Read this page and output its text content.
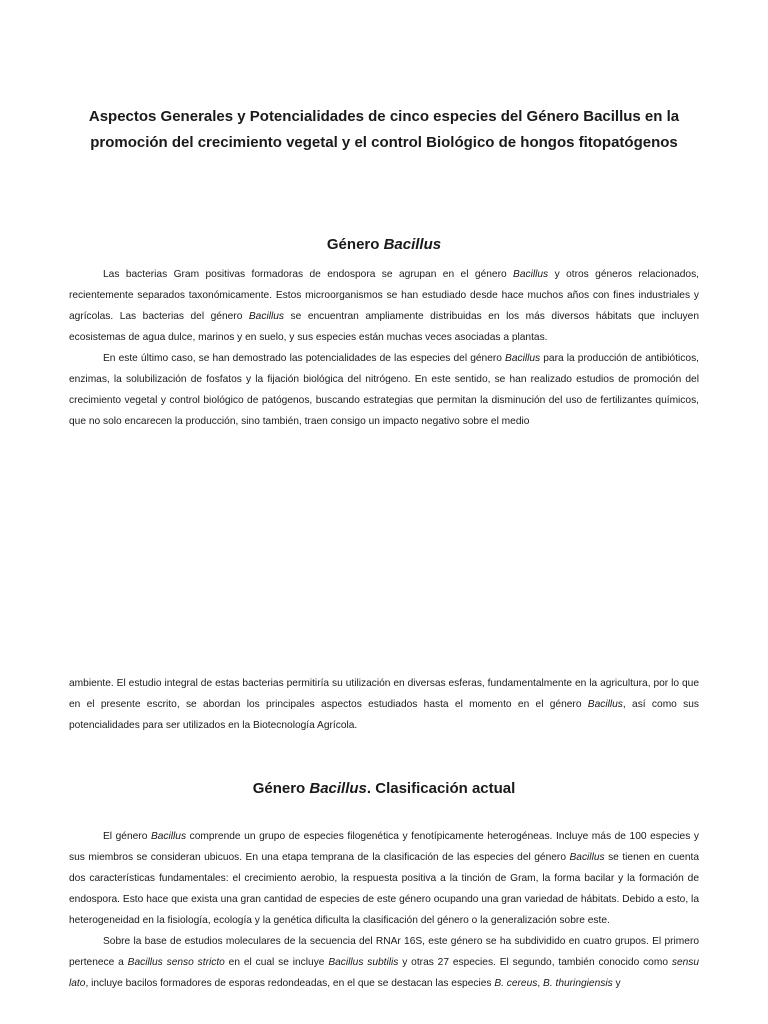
Aspectos Generales y Potencialidades de cinco especies del Género Bacillus en la
promoción del crecimiento vegetal y el control Biológico de hongos fitopatógenos
Género Bacillus

Las bacterias Gram positivas formadoras de endospora se agrupan en el género Bacillus y otros géneros relacionados, recientemente separados taxonómicamente. Estos microorganismos se han estudiado desde hace muchos años con fines industriales y agrícolas. Las bacterias del género Bacillus se encuentran ampliamente distribuidas en los más diversos hábitats que incluyen ecosistemas de agua dulce, marinos y en suelo, y sus especies están muchas veces asociadas a plantas.

En este último caso, se han demostrado las potencialidades de las especies del género Bacillus para la producción de antibióticos, enzimas, la solubilización de fosfatos y la fijación biológica del nitrógeno. En este sentido, se han realizado estudios de promoción del crecimiento vegetal y control biológico de patógenos, buscando estrategias que permitan la disminución del uso de fertilizantes químicos, que no solo encarecen la producción, sino también, traen consigo un impacto negativo sobre el medio

ambiente. El estudio integral de estas bacterias permitiría su utilización en diversas esferas, fundamentalmente en la agricultura, por lo que en el presente escrito, se abordan los principales aspectos estudiados hasta el momento en el género Bacillus, así como sus potencialidades para ser utilizados en la Biotecnología Agrícola.

Género Bacillus. Clasificación actual

El género Bacillus comprende un grupo de especies filogenética y fenotípicamente heterogéneas. Incluye más de 100 especies y sus miembros se consideran ubicuos. En una etapa temprana de la clasificación de las especies del género Bacillus se tienen en cuenta dos características fundamentales: el crecimiento aerobio, la respuesta positiva a la tinción de Gram, la forma bacilar y la formación de endospora. Esto hace que exista una gran cantidad de especies de este género ocupando una gran variedad de hábitats. Debido a esto, la heterogeneidad en la fisiología, ecología y la genética dificulta la clasificación del género o la generalización sobre este.

Sobre la base de estudios moleculares de la secuencia del RNAr 16S, este género se ha subdividido en cuatro grupos. El primero pertenece a Bacillus senso stricto en el cual se incluye Bacillus subtilis y otras 27 especies. El segundo, también conocido como sensu lato, incluye bacilos formadores de esporas redondeadas, en el que se destacan las especies B. cereus, B. thuringiensis y
